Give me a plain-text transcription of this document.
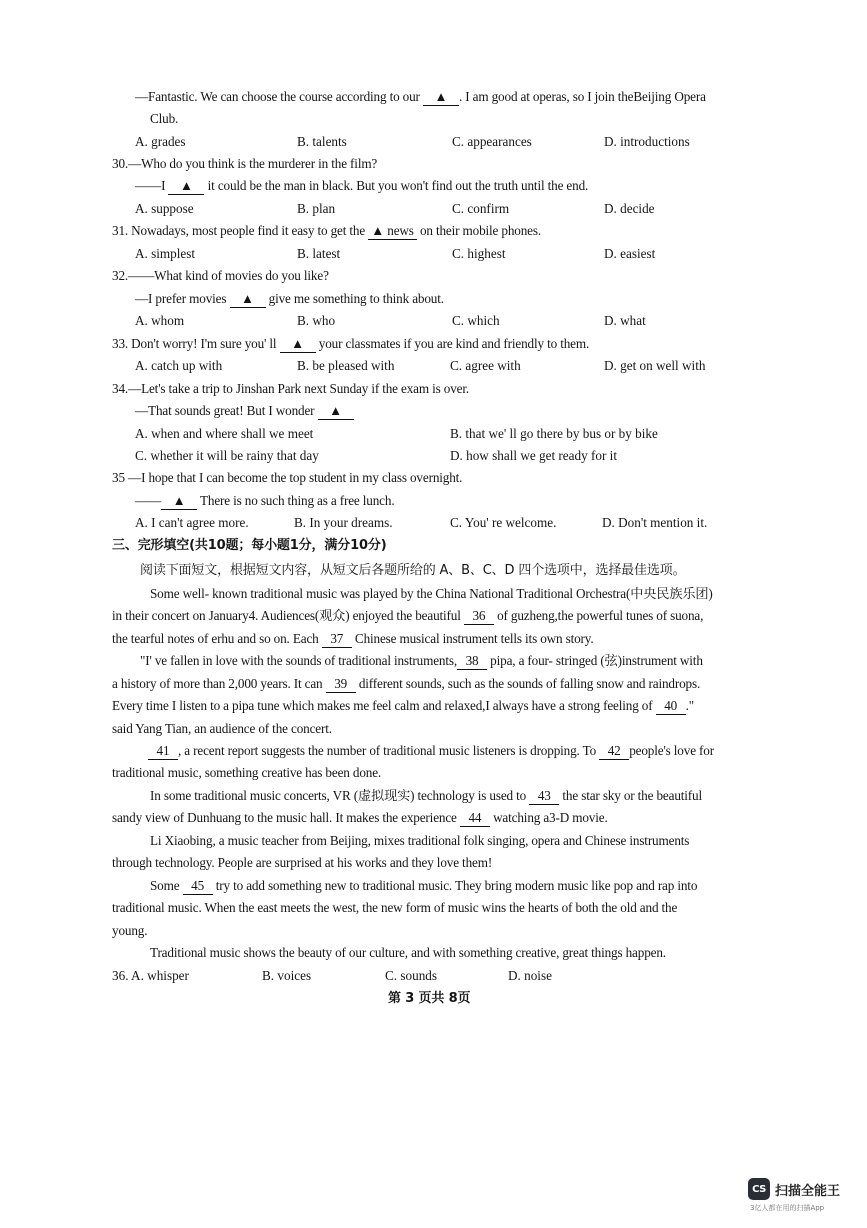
—Fantastic. We can choose the course according to our ▲ . I am good at operas, so I join theBeijing Opera
Club.
A. grades	B. talents	C. appearances	D. introductions
30.—Who do you think is the murderer in the film?
——I ▲ it could be the man in black. But you won't find out the truth until the end.
A. suppose	B. plan	C. confirm	D. decide
31. Nowadays, most people find it easy to get the ▲ news on their mobile phones.
A. simplest	B. latest	C. highest	D. easiest
32.——What kind of movies do you like?
—I prefer movies ▲ give me something to think about.
A. whom	B. who	C. which	D. what
33. Don't worry! I'm sure you' ll ▲ your classmates if you are kind and friendly to them.
A. catch up with	B. be pleased with	C. agree with	D. get on well with
34.—Let's take a trip to Jinshan Park next Sunday if the exam is over.
—That sounds great! But I wonder ▲
A. when and where shall we meet	B. that we' ll go there by bus or by bike
C. whether it will be rainy that day	D. how shall we get ready for it
35 —I hope that I can become the top student in my class overnight.
—— ▲ There is no such thing as a free lunch.
A. I can't agree more.	B. In your dreams.	C. You' re welcome.	D. Don't mention it.
三、完形填空(共10题；每小题1分，满分10分)
阅读下面短文，根据短文内容，从短文后各题所给的 A、B、C、D 四个选项中，选择最佳选项。
Some well- known traditional music was played by the China National Traditional Orchestra(中央民族乐团)
in their concert on January4. Audiences(观众) enjoyed the beautiful 36 of guzheng,the powerful tunes of suona,
the tearful notes of erhu and so on. Each 37 Chinese musical instrument tells its own story.
"I' ve fallen in love with the sounds of traditional instruments, 38 pipa, a four- stringed (弦)instrument with
a history of more than 2,000 years. It can 39 different sounds, such as the sounds of falling snow and raindrops.
Every time I listen to a pipa tune which makes me feel calm and relaxed,I always have a strong feeling of 40 ."
said Yang Tian, an audience of the concert.
41 , a recent report suggests the number of traditional music listeners is dropping. To 42 people's love for
traditional music, something creative has been done.
In some traditional music concerts, VR (虚拟现实) technology is used to 43 the star sky or the beautiful
sandy view of Dunhuang to the music hall. It makes the experience 44 watching a3-D movie.
Li Xiaobing, a music teacher from Beijing, mixes traditional folk singing, opera and Chinese instruments
through technology. People are surprised at his works and they love them!
Some 45 try to add something new to traditional music. They bring modern music like pop and rap into
traditional music. When the east meets the west, the new form of music wins the hearts of both the old and the
young.
Traditional music shows the beauty of our culture, and with something creative, great things happen.
36. A. whisper	B. voices	C. sounds	D. noise
第 3 页共 8页
CS 扫描全能王
3亿人都在用的扫描App
